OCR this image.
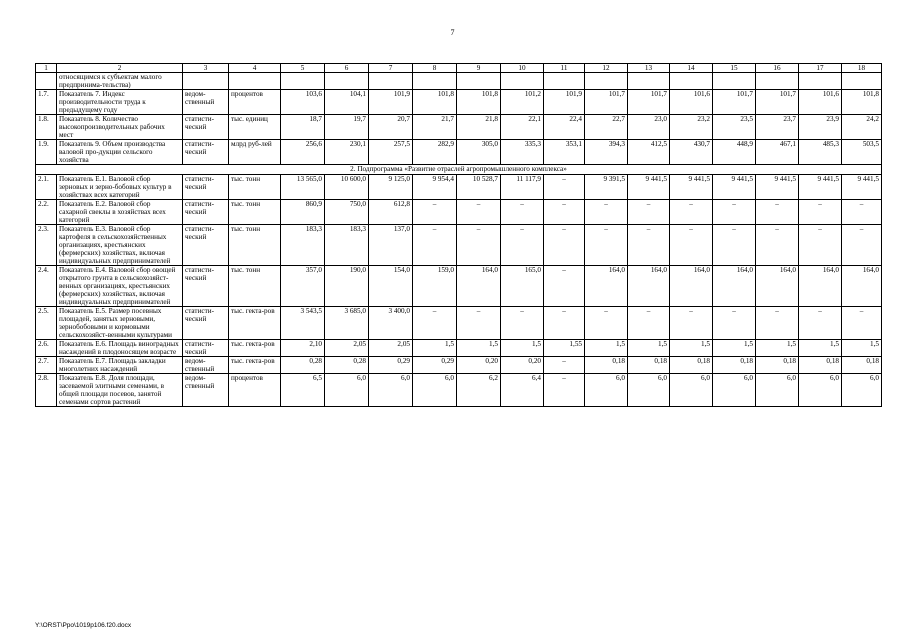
7
1	2	3	4	5	6	7	8	9	10	11	12	13	14	15	16	17	18
	относящимся к субъектам малого предпринима-тельства)																
1.7.	Показатель 7. Индекс производительности труда к предыдущему году	ведом-ственный	процентов	103,6	104,1	101,9	101,8	101,8	101,2	101,9	101,7	101,7	101,6	101,7	101,7	101,6	101,8
1.8.	Показатель 8. Количество высокопроизводительных рабочих мест	статисти-ческий	тыс. единиц	18,7	19,7	20,7	21,7	21,8	22,1	22,4	22,7	23,0	23,2	23,5	23,7	23,9	24,2
1.9.	Показатель 9. Объем производства валовой про-дукции сельского хозяйства	статисти-ческий	млрд руб-лей	256,6	230,1	257,5	282,9	305,0	335,3	353,1	394,3	412,5	430,7	448,9	467,1	485,3	503,5
2. Подпрограмма «Развитие отраслей агропромышленного комплекса»																	
2.1.	Показатель Е.1. Валовой сбор зерновых и зерно-бобовых культур в хозяйствах всех категорий	статисти-ческий	тыс. тонн	13 565,0	10 600,0	9 125,0	9 954,4	10 528,7	11 117,9	–	9 391,5	9 441,5	9 441,5	9 441,5	9 441,5	9 441,5	9 441,5
2.2.	Показатель Е.2. Валовой сбор сахарной свеклы в хозяйствах всех категорий	статисти-ческий	тыс. тонн	860,9	750,0	612,8	–	–	–	–	–	–	–	–	–	–	–
2.3.	Показатель Е.3. Валовой сбор картофеля в сельскохозяйственных организациях, крестьянских (фермерских) хозяйствах, включая индивидуальных предпринимателей	статисти-ческий	тыс. тонн	183,3	183,3	137,0	–	–	–	–	–	–	–	–	–	–	–
2.4.	Показатель Е.4. Валовой сбор овощей открытого грунта в сельскохозяйст-венных организациях, крестьянских (фермерских) хозяйствах, включая индивидуальных предпринимателей	статисти-ческий	тыс. тонн	357,0	190,0	154,0	159,0	164,0	165,0	–	164,0	164,0	164,0	164,0	164,0	164,0	164,0
2.5.	Показатель Е.5. Размер посевных площадей, занятых зерновыми, зернобобовыми и кормовыми сельскохозяйст-венными культурами	статисти-ческий	тыс. гекта-ров	3 543,5	3 685,0	3 400,0	–	–	–	–	–	–	–	–	–	–	–
2.6.	Показатель Е.6. Площадь виноградных насаждений в плодоносящем возрасте	статисти-ческий	тыс. гекта-ров	2,10	2,05	2,05	1,5	1,5	1,5	1,55	1,5	1,5	1,5	1,5	1,5	1,5	1,5
2.7.	Показатель Е.7. Площадь закладки многолетних насаждений	ведом-ственный	тыс. гекта-ров	0,28	0,28	0,29	0,29	0,20	0,20	–	0,18	0,18	0,18	0,18	0,18	0,18	0,18
2.8.	Показатель Е.8. Доля площади, засеваемой элитными семенами, в общей площади посевов, занятой семенами сортов растений	ведом-ственный	процентов	6,5	6,0	6,0	6,0	6,2	6,4	–	6,0	6,0	6,0	6,0	6,0	6,0	6,0
Y:\ORST\Ppo\1019p106.f20.docx
